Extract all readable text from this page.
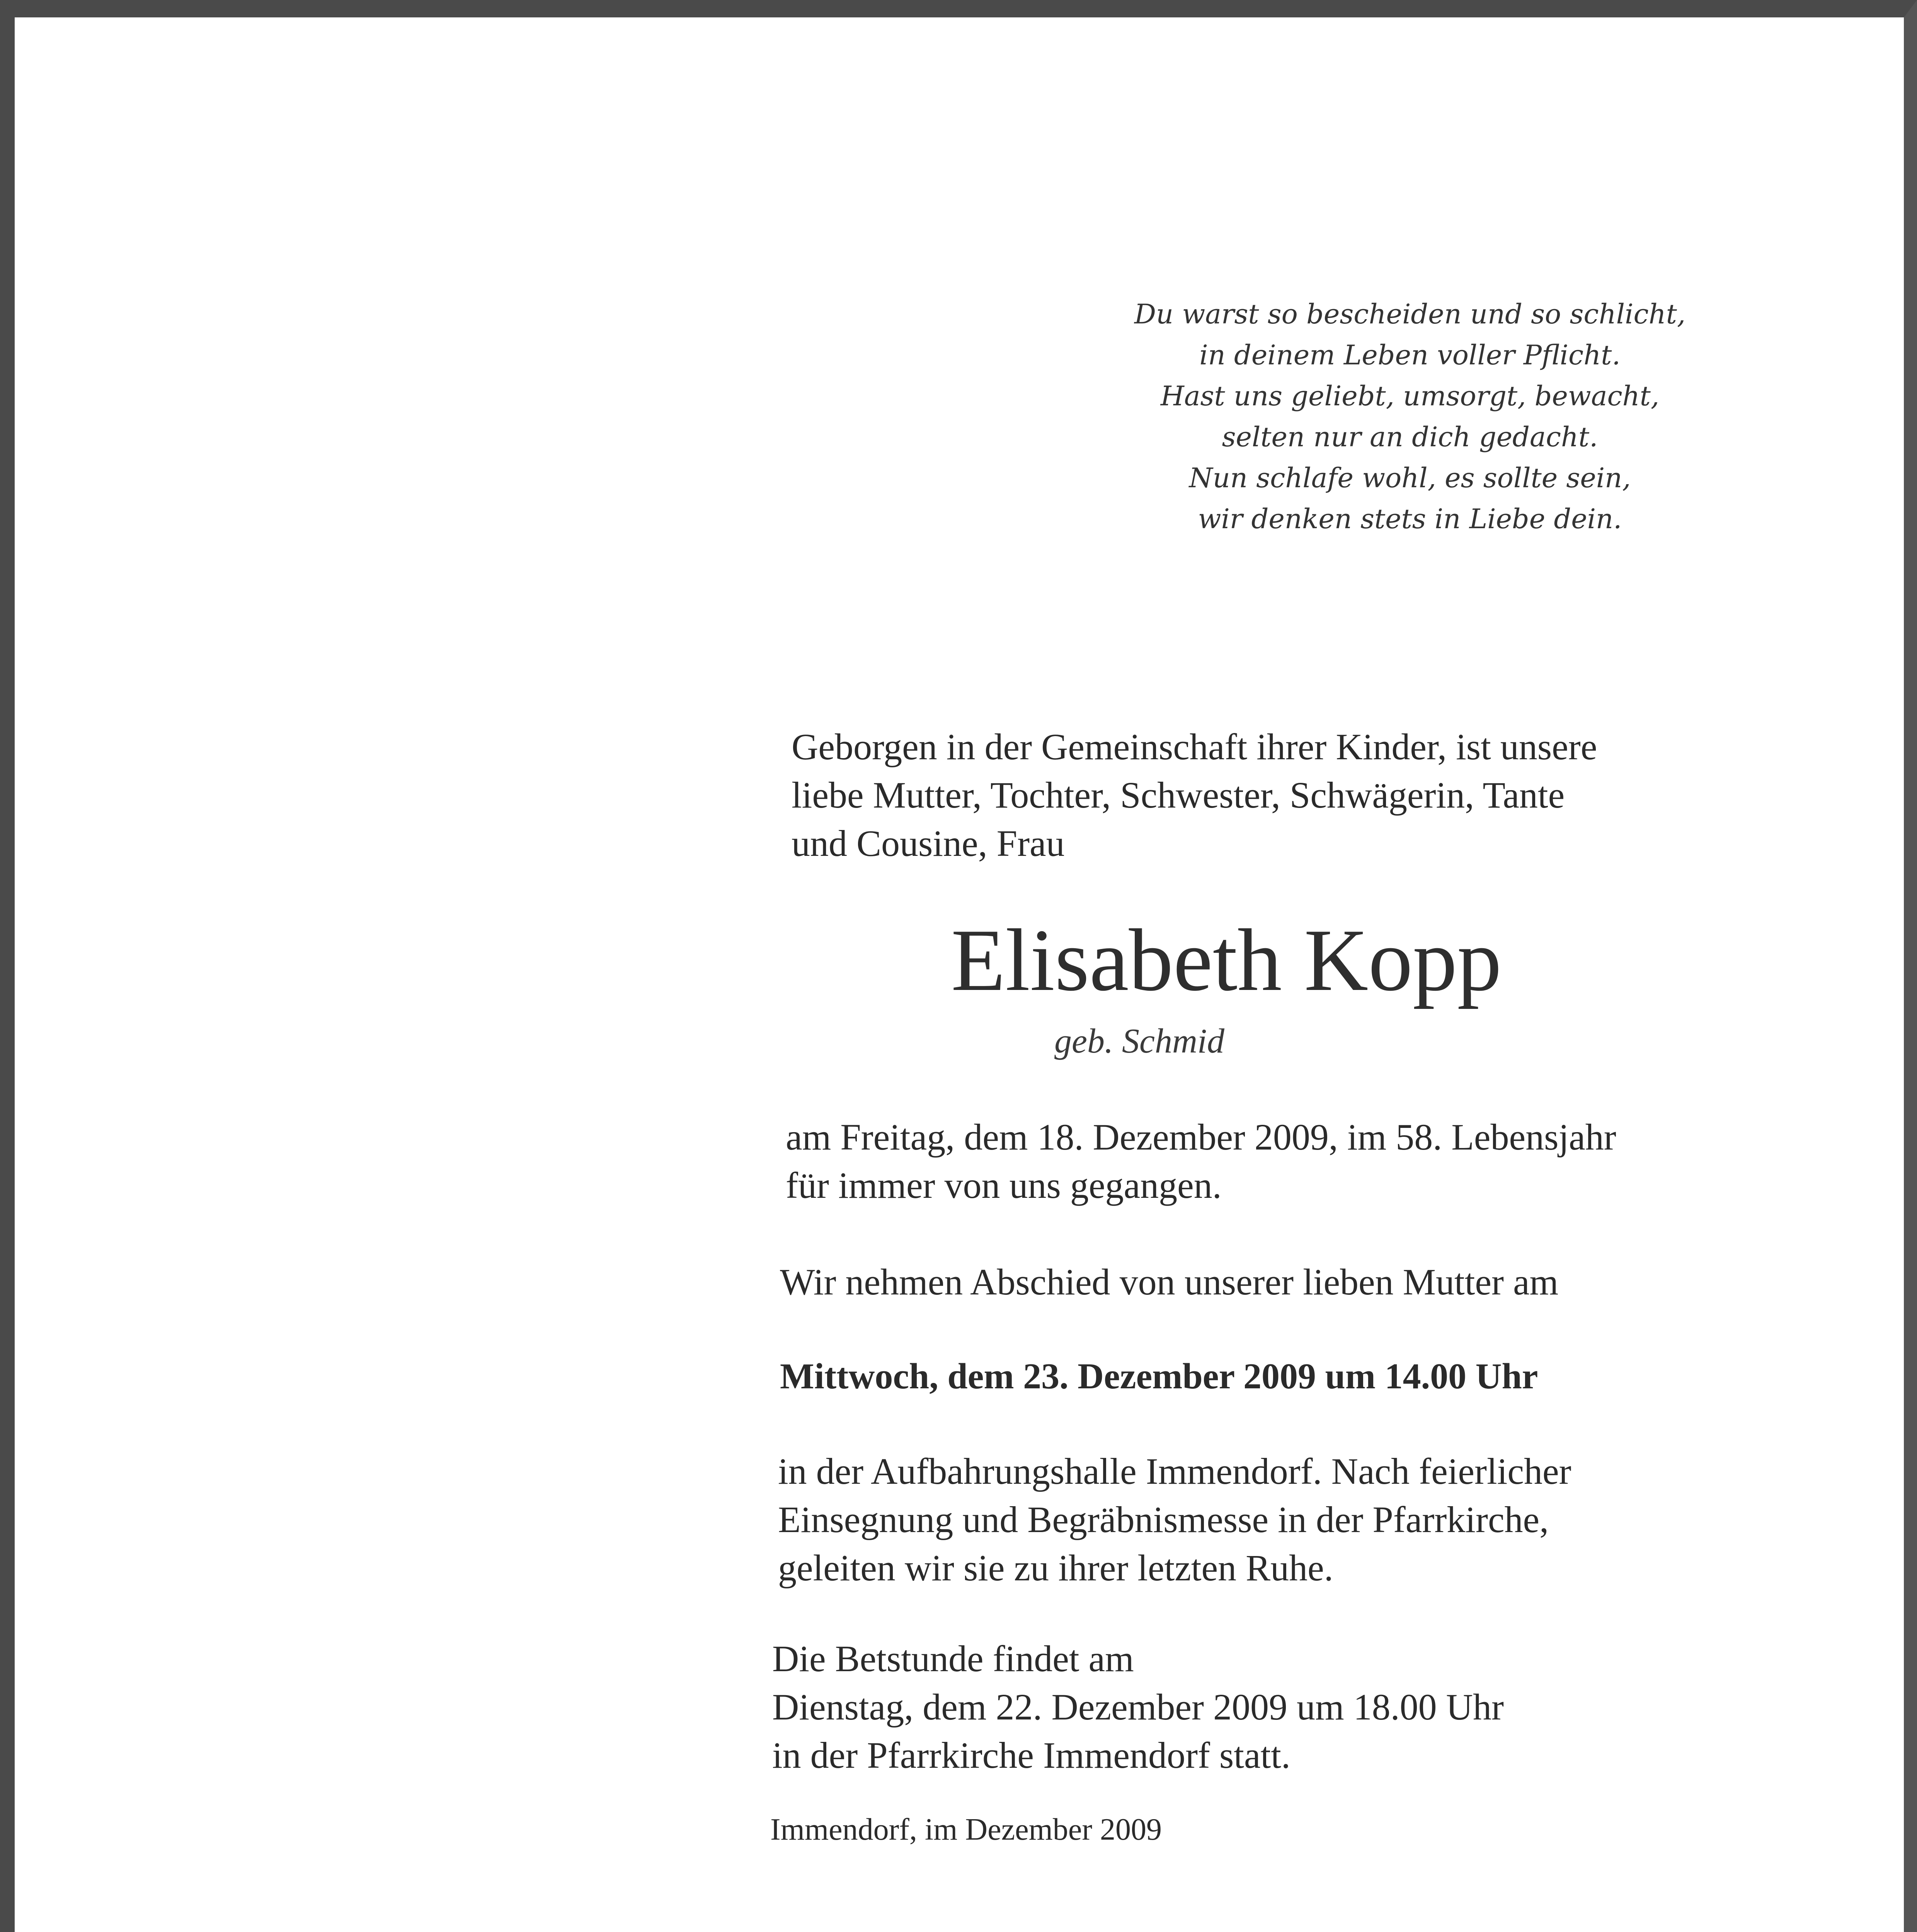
Du warst so bescheiden und so schlicht,
in deinem Leben voller Pflicht.
Hast uns geliebt, umsorgt, bewacht,
selten nur an dich gedacht.
Nun schlafe wohl, es sollte sein,
wir denken stets in Liebe dein.
Geborgen in der Gemeinschaft ihrer Kinder, ist unsere
liebe Mutter, Tochter, Schwester, Schwägerin, Tante
und Cousine, Frau
Elisabeth Kopp
geb. Schmid
am Freitag, dem 18. Dezember 2009, im 58. Lebensjahr
für immer von uns gegangen.
Wir nehmen Abschied von unserer lieben Mutter am
Mittwoch, dem 23. Dezember 2009 um 14.00 Uhr
in der Aufbahrungshalle Immendorf. Nach feierlicher
Einsegnung und Begräbnismesse in der Pfarrkirche,
geleiten wir sie zu ihrer letzten Ruhe.
Die Betstunde findet am
Dienstag, dem 22. Dezember 2009 um 18.00 Uhr
in der Pfarrkirche Immendorf statt.
Immendorf, im Dezember 2009
